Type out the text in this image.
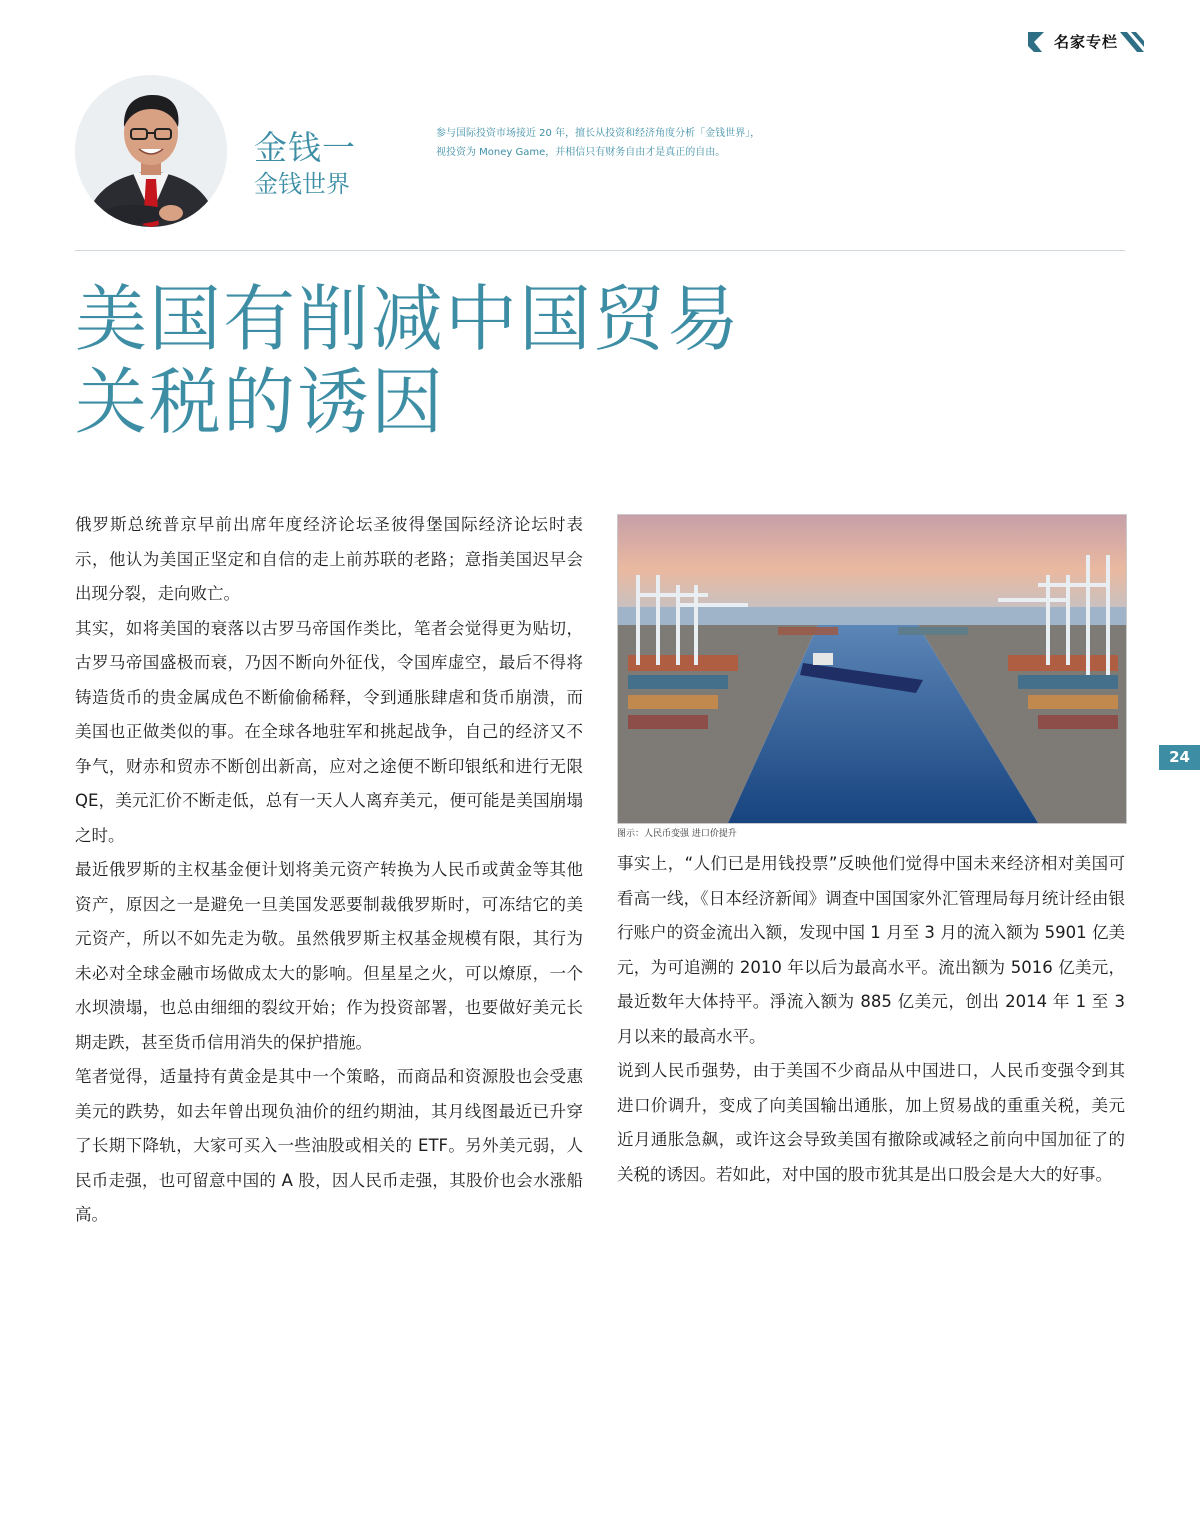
名家专栏
金钱一
金钱世界

参与国际投资市场接近 20 年，擅长从投资和经济角度分析「金钱世界」，

视投资为 Money Game，并相信只有财务自由才是真正的自由。

美国有削减中国贸易
关税的诱因

俄罗斯总统普京早前出席年度经济论坛圣彼得堡国际经济论坛时表示，他认为美国正坚定和自信的走上前苏联的老路；意指美国迟早会出现分裂，走向败亡。

其实，如将美国的衰落以古罗马帝国作类比，笔者会觉得更为贴切，古罗马帝国盛极而衰，乃因不断向外征伐，令国库虚空，最后不得将铸造货币的贵金属成色不断偷偷稀释，令到通胀肆虐和货币崩溃，而美国也正做类似的事。在全球各地驻军和挑起战争，自己的经济又不争气，财赤和贸赤不断创出新高，应对之途便不断印银纸和进行无限 QE，美元汇价不断走低，总有一天人人离弃美元，便可能是美国崩塌之时。

最近俄罗斯的主权基金便计划将美元资产转换为人民币或黄金等其他资产，原因之一是避免一旦美国发恶要制裁俄罗斯时，可冻结它的美元资产，所以不如先走为敬。虽然俄罗斯主权基金规模有限，其行为未必对全球金融市场做成太大的影响。但星星之火，可以燎原，一个水坝溃塌，也总由细细的裂纹开始；作为投资部署，也要做好美元长期走跌，甚至货币信用消失的保护措施。

笔者觉得，适量持有黄金是其中一个策略，而商品和资源股也会受惠美元的跌势，如去年曾出现负油价的纽约期油，其月线图最近已升穿了长期下降轨，大家可买入一些油股或相关的 ETF。另外美元弱，人民币走强，也可留意中国的 A 股，因人民币走强，其股价也会水涨船高。

图示：人民币变强 进口价提升

事实上，“人们已是用钱投票”反映他们觉得中国未来经济相对美国可看高一线，《日本经济新闻》调查中国国家外汇管理局每月统计经由银行账户的资金流出入额，发现中国 1 月至 3 月的流入额为 5901 亿美元，为可追溯的 2010 年以后为最高水平。流出额为 5016 亿美元，最近数年大体持平。淨流入额为 885 亿美元，创出 2014 年 1 至 3 月以来的最高水平。

说到人民币强势，由于美国不少商品从中国进口，人民币变强令到其进口价调升，变成了向美国输出通胀，加上贸易战的重重关税，美元近月通胀急飙，或许这会导致美国有撤除或减轻之前向中国加征了的关税的诱因。若如此，对中国的股市犹其是出口股会是大大的好事。

24
